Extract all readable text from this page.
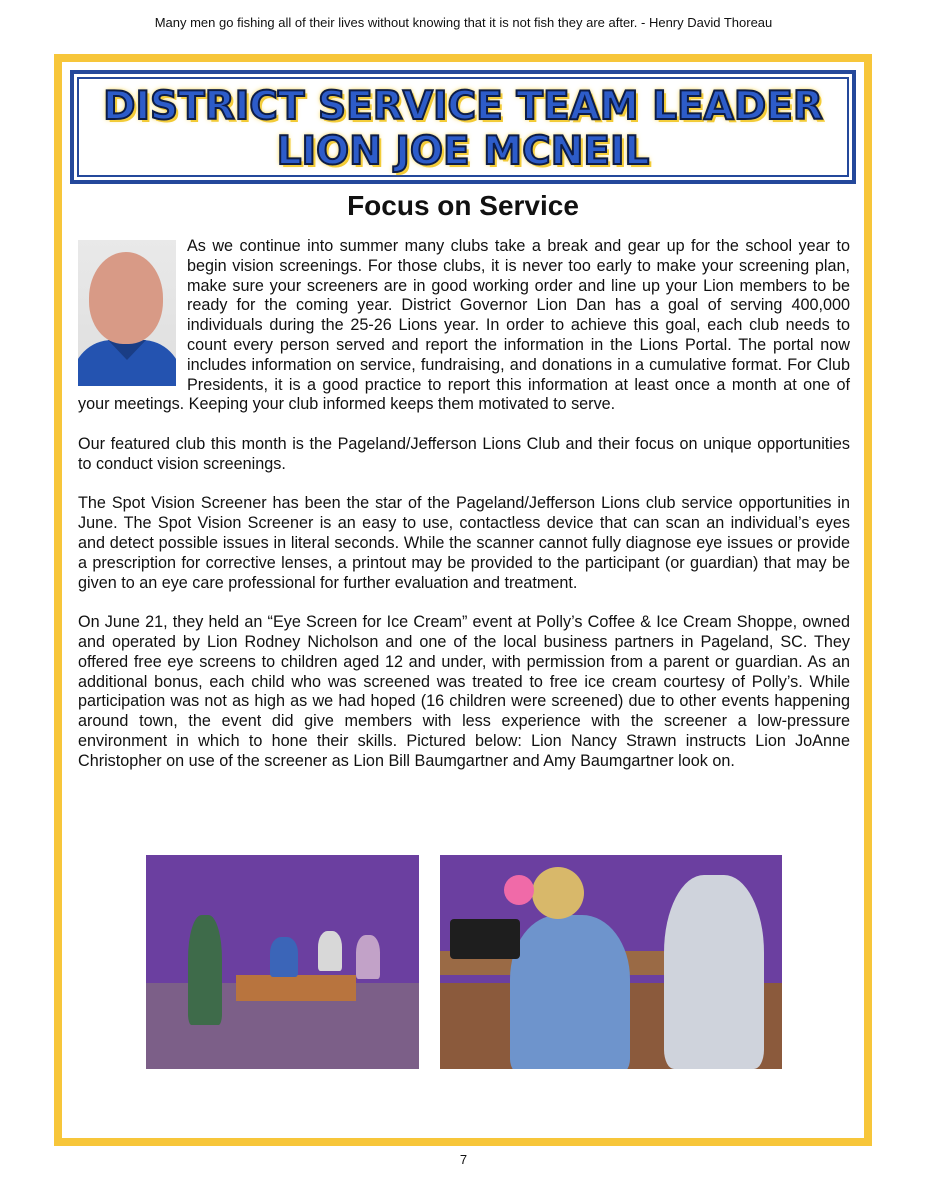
Many men go fishing all of their lives without knowing that it is not fish they are after. - Henry David Thoreau
DISTRICT SERVICE TEAM LEADER
LION JOE MCNEIL
Focus on Service

As we continue into summer many clubs take a break and gear up for the school year to begin vision screenings. For those clubs, it is never too early to make your screening plan, make sure your screeners are in good working order and line up your Lion members to be ready for the coming year. District Governor Lion Dan has a goal of serving 400,000 individuals during the 25-26 Lions year. In order to achieve this goal, each club needs to count every person served and report the information in the Lions Portal. The portal now includes information on service, fundraising, and donations in a cumulative format. For Club Presidents, it is a good practice to report this information at least once a month at one of your meetings. Keeping your club informed keeps them motivated to serve.

Our featured club this month is the Pageland/Jefferson Lions Club and their focus on unique opportunities to conduct vision screenings.

The Spot Vision Screener has been the star of the Pageland/Jefferson Lions club service opportunities in June. The Spot Vision Screener is an easy to use, contactless device that can scan an individual’s eyes and detect possible issues in literal seconds. While the scanner cannot fully diagnose eye issues or provide a prescription for corrective lenses, a printout may be provided to the participant (or guardian) that may be given to an eye care professional for further evaluation and treatment.

On June 21, they held an “Eye Screen for Ice Cream” event at Polly’s Coffee & Ice Cream Shoppe, owned and operated by Lion Rodney Nicholson and one of the local business partners in Pageland, SC. They offered free eye screens to children aged 12 and under, with permission from a parent or guardian. As an additional bonus, each child who was screened was treated to free ice cream courtesy of Polly’s. While participation was not as high as we had hoped (16 children were screened) due to other events happening around town, the event did give members with less experience with the screener a low-pressure environment in which to hone their skills. Pictured below: Lion Nancy Strawn instructs Lion JoAnne Christopher on use of the screener as Lion Bill Baumgartner and Amy Baumgartner look on.

7
